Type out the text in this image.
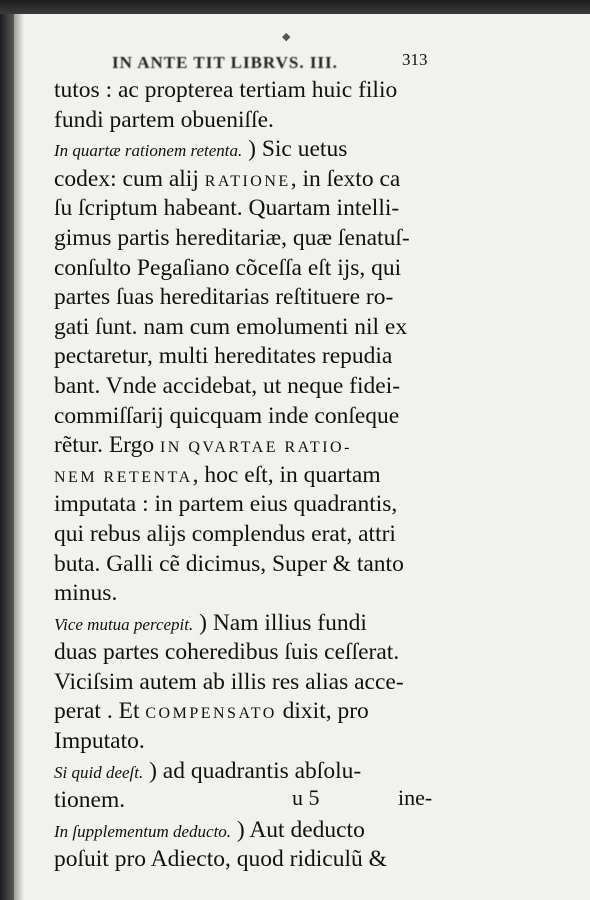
◆
IN ANTE TIT LIBRVS. III.	313
tutos : ac propterea tertiam huic filio
fundi partem obueniſſe.
In quartæ rationem retenta. ) Sic uetus
codex: cum alij RATIONE, in ſexto ca
ſu ſcriptum habeant. Quartam intelli-
gimus partis hereditariæ, quæ ſenatuſ-
conſulto Pegaſiano cõceſſa eſt ijs, qui
partes ſuas hereditarias reſtituere ro-
gati ſunt. nam cum emolumenti nil ex
pectaretur, multi hereditates repudia
bant. Vnde accidebat, ut neque fidei-
commiſſarij quicquam inde conſeque
rẽtur. Ergo IN QVARTAE RATIO-
NEM RETENTA, hoc eſt, in quartam
imputata : in partem eius quadrantis,
qui rebus alijs complendus erat, attri
buta. Galli cẽ dicimus, Super & tanto
minus.
Vice mutua percepit. ) Nam illius fundi
duas partes coheredibus ſuis ceſſerat.
Viciſsim autem ab illis res alias acce-
perat . Et COMPENSATO dixit, pro
Imputato.
Si quid deeſt. ) ad quadrantis abſolu-
tionem.
In ſupplementum deducto. ) Aut deducto
poſuit pro Adiecto, quod ridiculũ &
u 5	ine-
